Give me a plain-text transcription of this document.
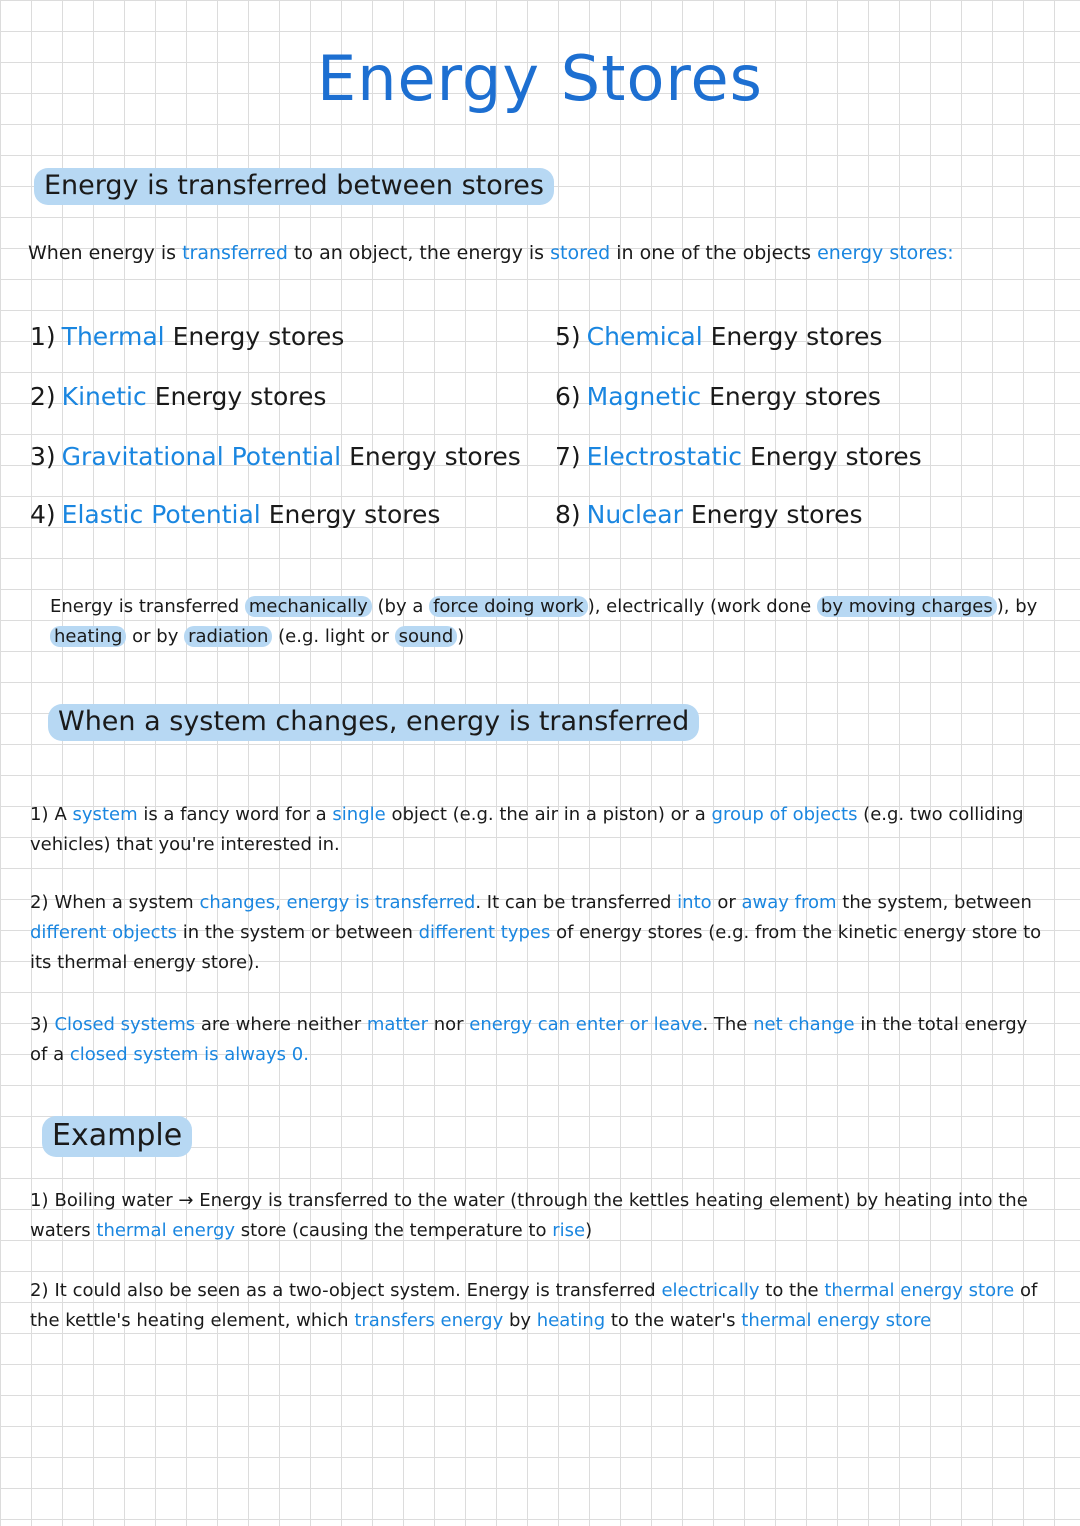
Energy Stores
Energy is transferred between stores
When energy is transferred to an object, the energy is stored in one of the objects energy stores:
1) Thermal Energy stores
2) Kinetic Energy stores
3) Gravitational Potential Energy stores
4) Elastic Potential Energy stores
5) Chemical Energy stores
6) Magnetic Energy stores
7) Electrostatic Energy stores
8) Nuclear Energy stores
Energy is transferred mechanically (by a force doing work ), electrically (work done by moving charges ), by heating or by radiation (e.g. light or sound )
When a system changes, energy is transferred
1) A system is a fancy word for a single object (e.g. the air in a piston) or a group of objects (e.g. two colliding vehicles) that you're interested in.
2) When a system changes, energy is transferred. It can be transferred into or away from the system, between different objects in the system or between different types of energy stores (e.g. from the kinetic energy store to its thermal energy store).
3) Closed systems are where neither matter nor energy can enter or leave. The net change in the total energy of a closed system is always 0.
Example
1) Boiling water → Energy is transferred to the water (through the kettles heating element) by heating into the waters thermal energy store (causing the temperature to rise)
2) It could also be seen as a two-object system. Energy is transferred electrically to the thermal energy store of the kettle's heating element, which transfers energy by heating to the water's thermal energy store
